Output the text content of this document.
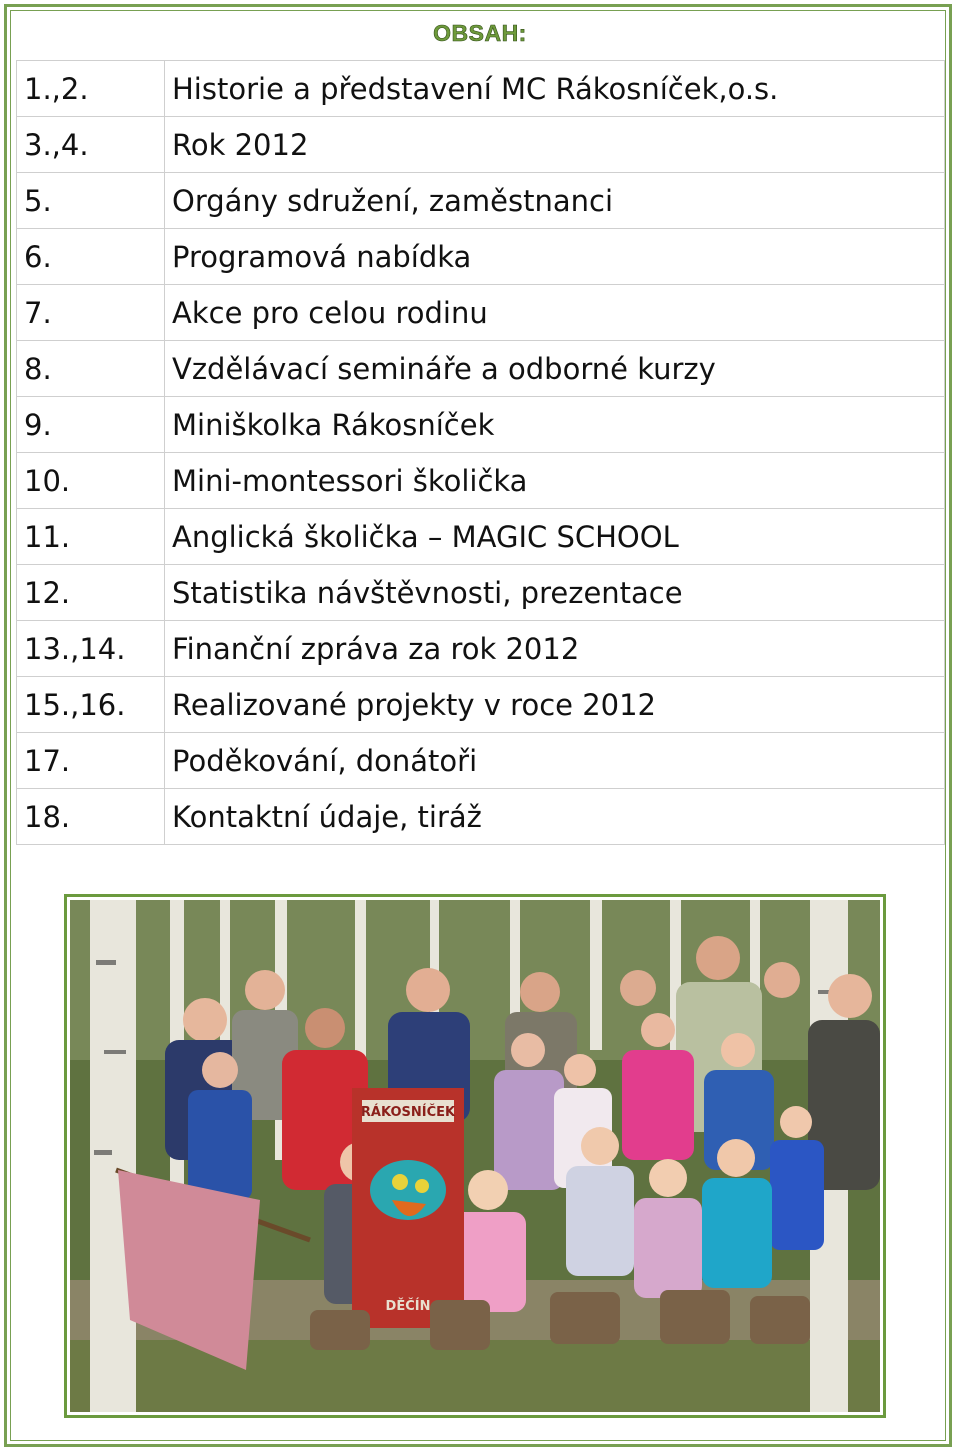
OBSAH:
1.,2.	Historie a představení MC Rákosníček,o.s.
3.,4.	Rok 2012
5.	Orgány sdružení, zaměstnanci
6.	Programová nabídka
7.	Akce pro celou rodinu
8.	Vzdělávací semináře a odborné kurzy
9.	Miniškolka Rákosníček
10.	Mini-montessori školička
11.	Anglická školička – MAGIC SCHOOL
12.	Statistika návštěvnosti, prezentace
13.,14.	Finanční zpráva za rok 2012
15.,16.	Realizované projekty v roce 2012
17.	Poděkování, donátoři
18.	Kontaktní údaje, tiráž
RÁKOSNÍČEK
DĚČÍN
